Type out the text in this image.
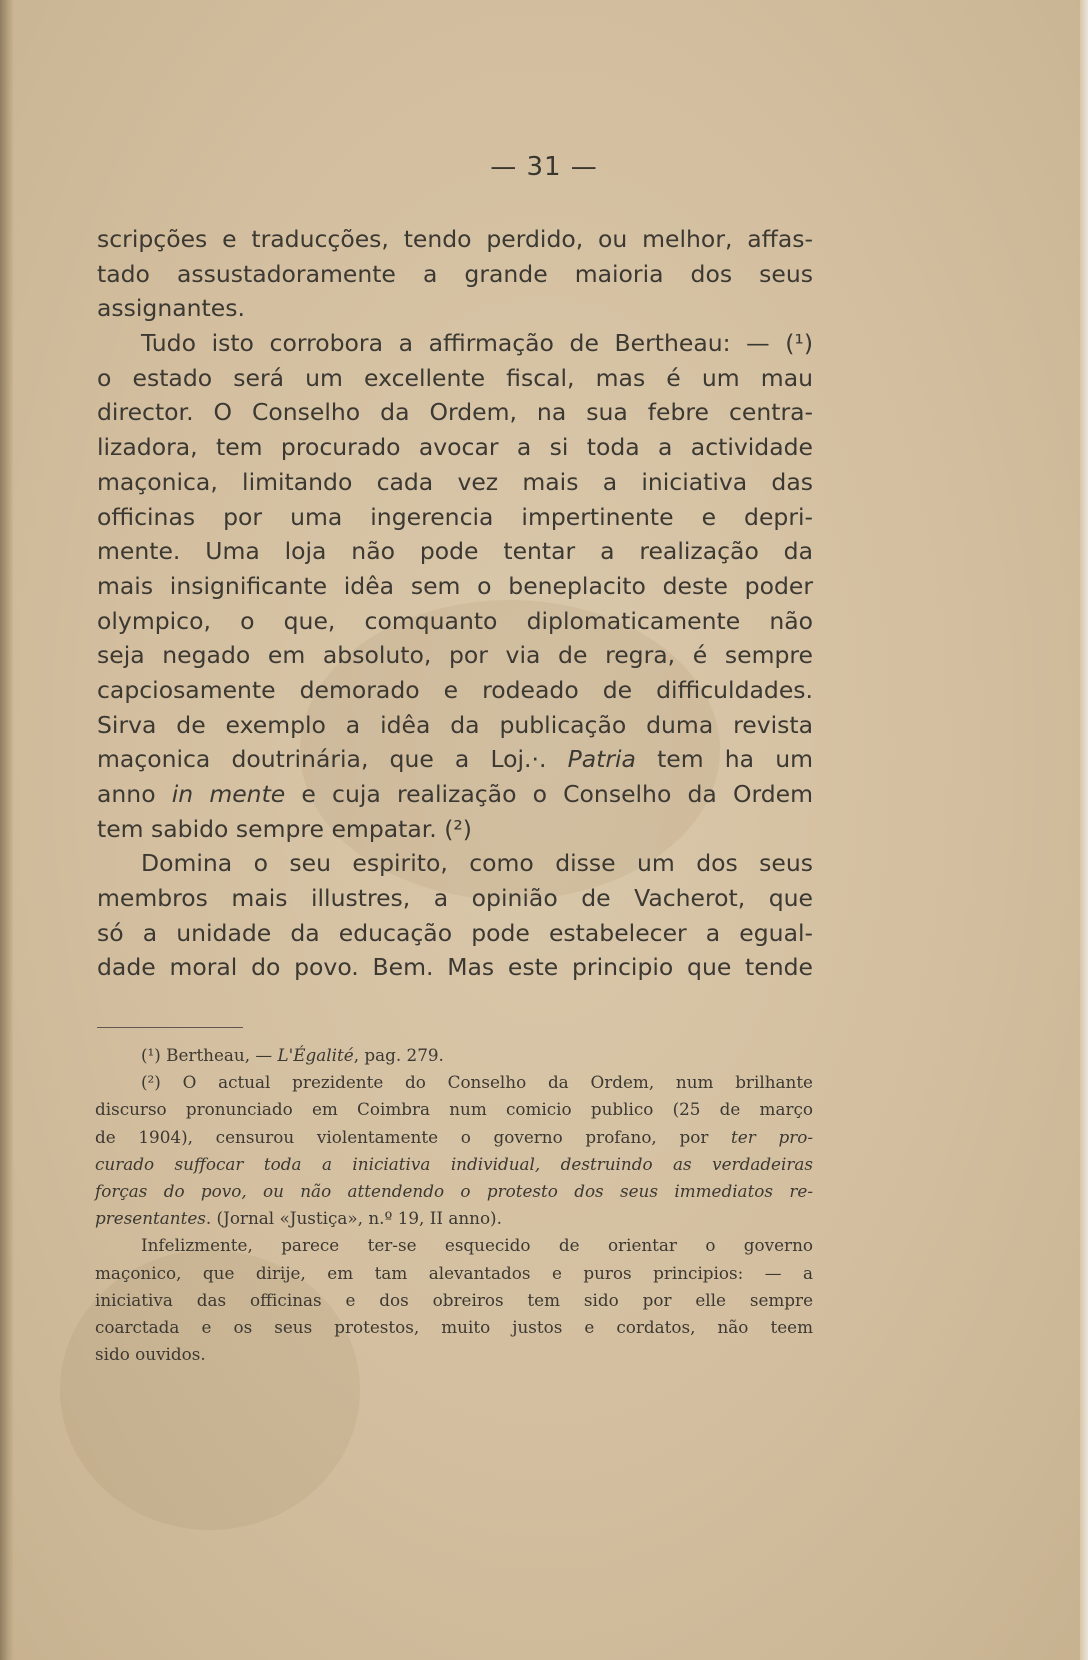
— 31 —
scripções e traducções, tendo perdido, ou melhor, affas-
tado assustadoramente a grande maioria dos seus
assignantes.
Tudo isto corrobora a affirmação de Bertheau: — (¹)
o estado será um excellente fiscal, mas é um mau
director. O Conselho da Ordem, na sua febre centra-
lizadora, tem procurado avocar a si toda a actividade
maçonica, limitando cada vez mais a iniciativa das
officinas por uma ingerencia impertinente e depri-
mente. Uma loja não pode tentar a realização da
mais insignificante idêa sem o beneplacito deste poder
olympico, o que, comquanto diplomaticamente não
seja negado em absoluto, por via de regra, é sempre
capciosamente demorado e rodeado de difficuldades.
Sirva de exemplo a idêa da publicação duma revista
maçonica doutrinária, que a Loj.·. Patria tem ha um
anno in mente e cuja realização o Conselho da Ordem
tem sabido sempre empatar. (²)
Domina o seu espirito, como disse um dos seus
membros mais illustres, a opinião de Vacherot, que
só a unidade da educação pode estabelecer a egual-
dade moral do povo. Bem. Mas este principio que tende
(¹) Bertheau, — L'Égalité, pag. 279.
(²) O actual prezidente do Conselho da Ordem, num brilhante
discurso pronunciado em Coimbra num comicio publico (25 de março
de 1904), censurou violentamente o governo profano, por ter pro-
curado suffocar toda a iniciativa individual, destruindo as verdadeiras
forças do povo, ou não attendendo o protesto dos seus immediatos re-
presentantes. (Jornal «Justiça», n.º 19, II anno).
Infelizmente, parece ter-se esquecido de orientar o governo
maçonico, que dirije, em tam alevantados e puros principios: — a
iniciativa das officinas e dos obreiros tem sido por elle sempre
coarctada e os seus protestos, muito justos e cordatos, não teem
sido ouvidos.
